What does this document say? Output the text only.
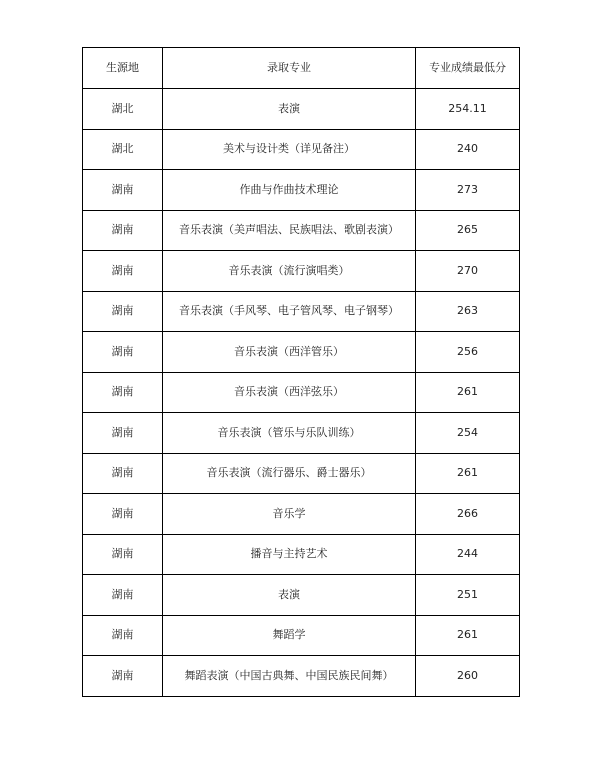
生源地	录取专业	专业成绩最低分
湖北	表演	254.11
湖北	美术与设计类（详见备注）	240
湖南	作曲与作曲技术理论	273
湖南	音乐表演（美声唱法、民族唱法、歌剧表演）	265
湖南	音乐表演（流行演唱类）	270
湖南	音乐表演（手风琴、电子管风琴、电子钢琴）	263
湖南	音乐表演（西洋管乐）	256
湖南	音乐表演（西洋弦乐）	261
湖南	音乐表演（管乐与乐队训练）	254
湖南	音乐表演（流行器乐、爵士器乐）	261
湖南	音乐学	266
湖南	播音与主持艺术	244
湖南	表演	251
湖南	舞蹈学	261
湖南	舞蹈表演（中国古典舞、中国民族民间舞）	260
